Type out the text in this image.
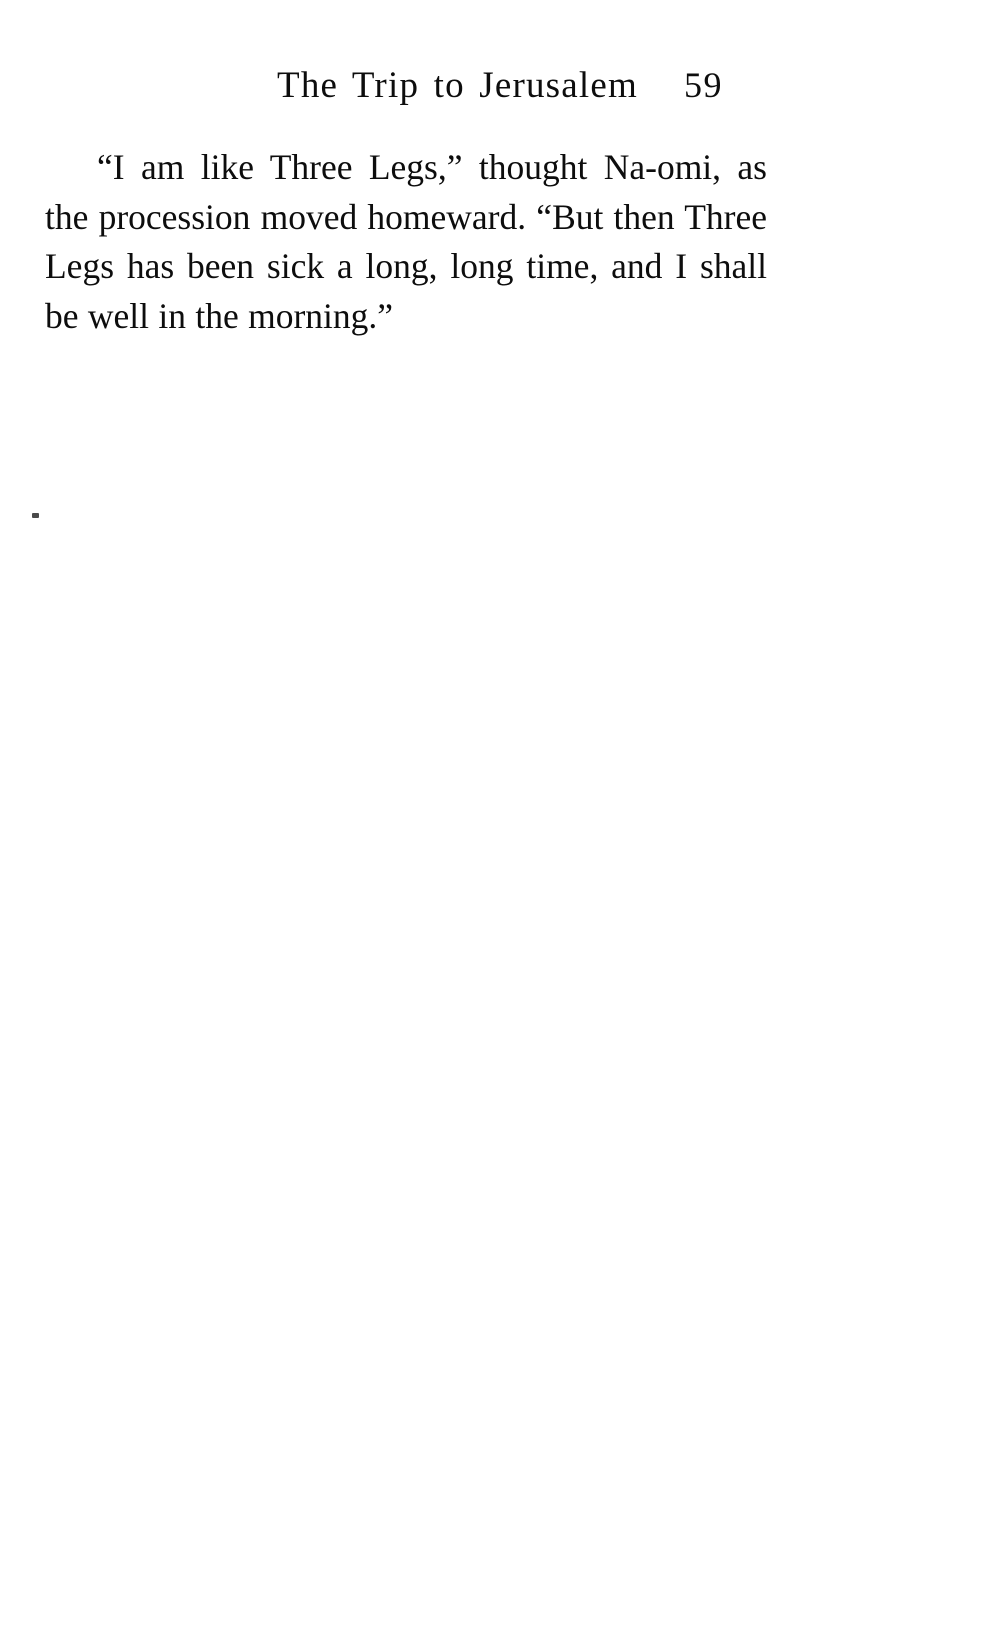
The Trip to Jerusalem 59

“I am like Three Legs,” thought Na‑omi, as the procession moved homeward. “But then Three Legs has been sick a long, long time, and I shall be well in the morning.”
